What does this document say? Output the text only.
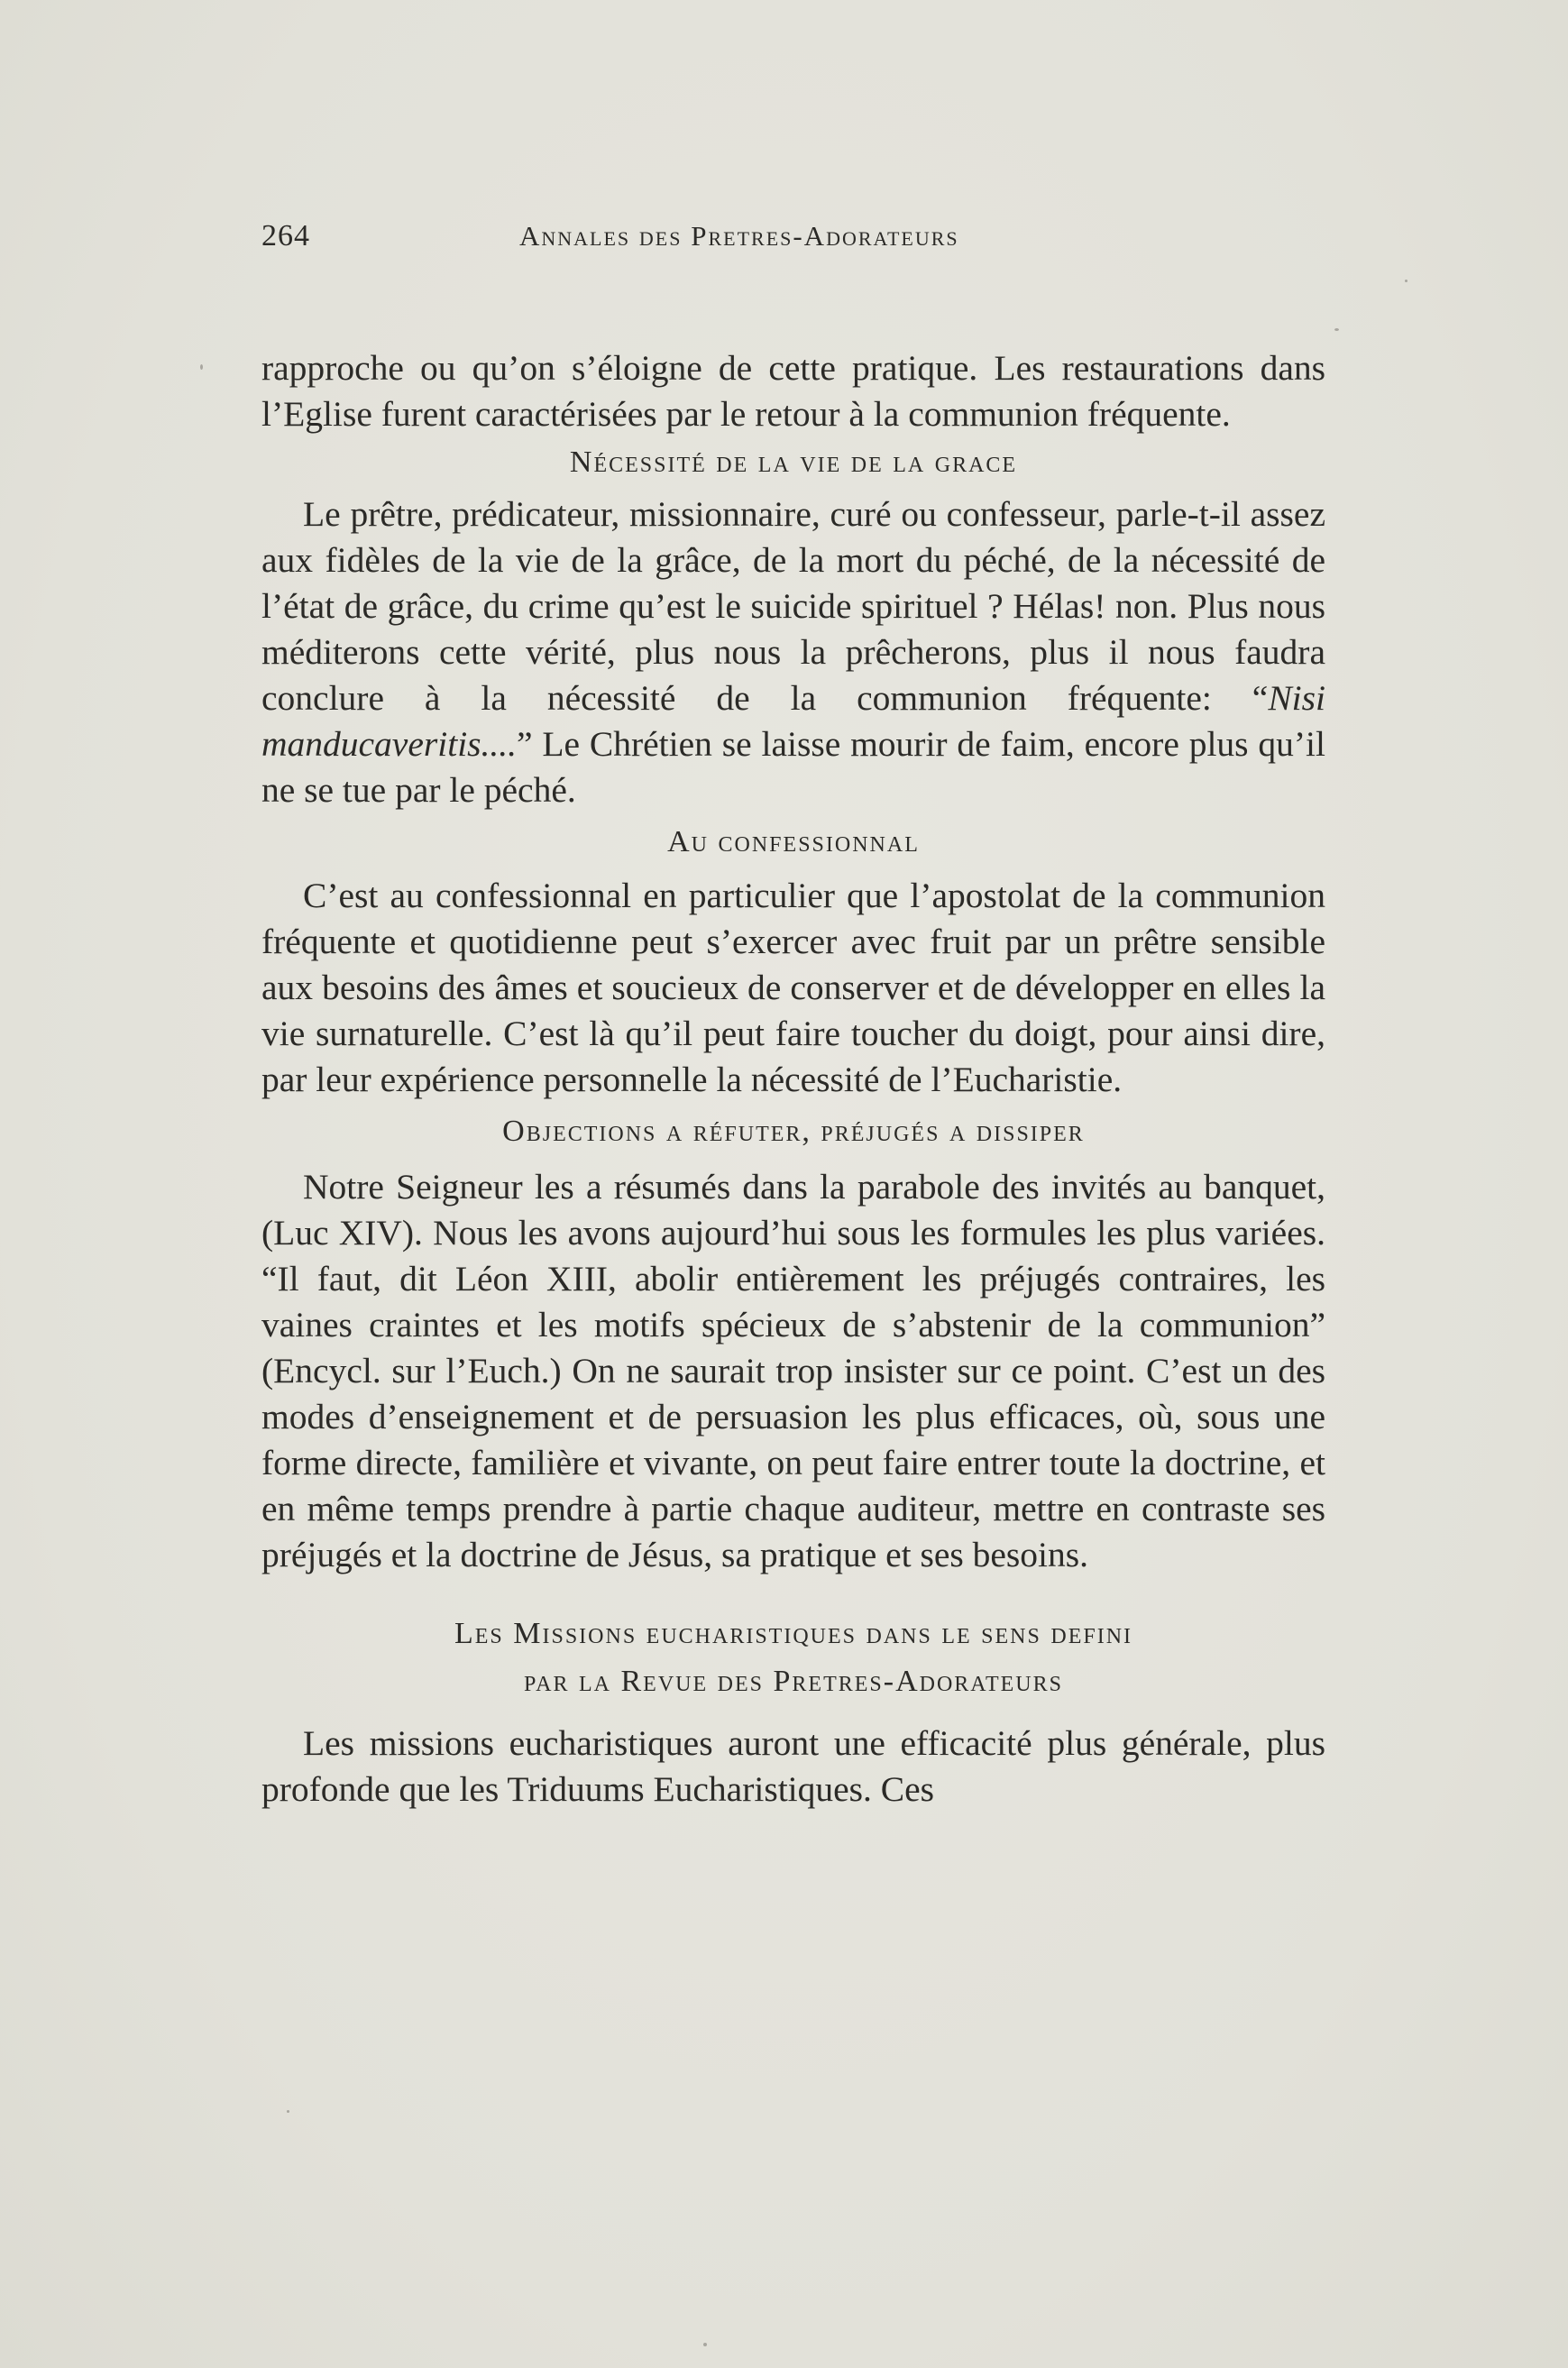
264	Annales des Pretres-Adorateurs

rapproche ou qu’on s’éloigne de cette pratique. Les restaurations dans l’Eglise furent caractérisées par le retour à la communion fréquente.

Nécessité de la vie de la grace

Le prêtre, prédicateur, missionnaire, curé ou confesseur, parle-t-il assez aux fidèles de la vie de la grâce, de la mort du péché, de la nécessité de l’état de grâce, du crime qu’est le suicide spirituel ? Hélas! non. Plus nous méditerons cette vérité, plus nous la prêcherons, plus il nous faudra conclure à la nécessité de la communion fréquente: “Nisi manducaveritis....” Le Chrétien se laisse mourir de faim, encore plus qu’il ne se tue par le péché.

Au confessionnal

C’est au confessionnal en particulier que l’apostolat de la communion fréquente et quotidienne peut s’exercer avec fruit par un prêtre sensible aux besoins des âmes et soucieux de conserver et de développer en elles la vie surnaturelle. C’est là qu’il peut faire toucher du doigt, pour ainsi dire, par leur expérience personnelle la nécessité de l’Eucharistie.

Objections a réfuter, préjugés a dissiper

Notre Seigneur les a résumés dans la parabole des invités au banquet, (Luc XIV). Nous les avons aujourd’hui sous les formules les plus variées. “Il faut, dit Léon XIII, abolir entièrement les préjugés contraires, les vaines craintes et les motifs spécieux de s’abstenir de la communion” (Encycl. sur l’Euch.) On ne saurait trop insister sur ce point. C’est un des modes d’enseignement et de persuasion les plus efficaces, où, sous une forme directe, familière et vivante, on peut faire entrer toute la doctrine, et en même temps prendre à partie chaque auditeur, mettre en contraste ses préjugés et la doctrine de Jésus, sa pratique et ses besoins.

Les Missions eucharistiques dans le sens defini

par la Revue des Pretres-Adorateurs

Les missions eucharistiques auront une efficacité plus générale, plus profonde que les Triduums Eucharistiques. Ces
